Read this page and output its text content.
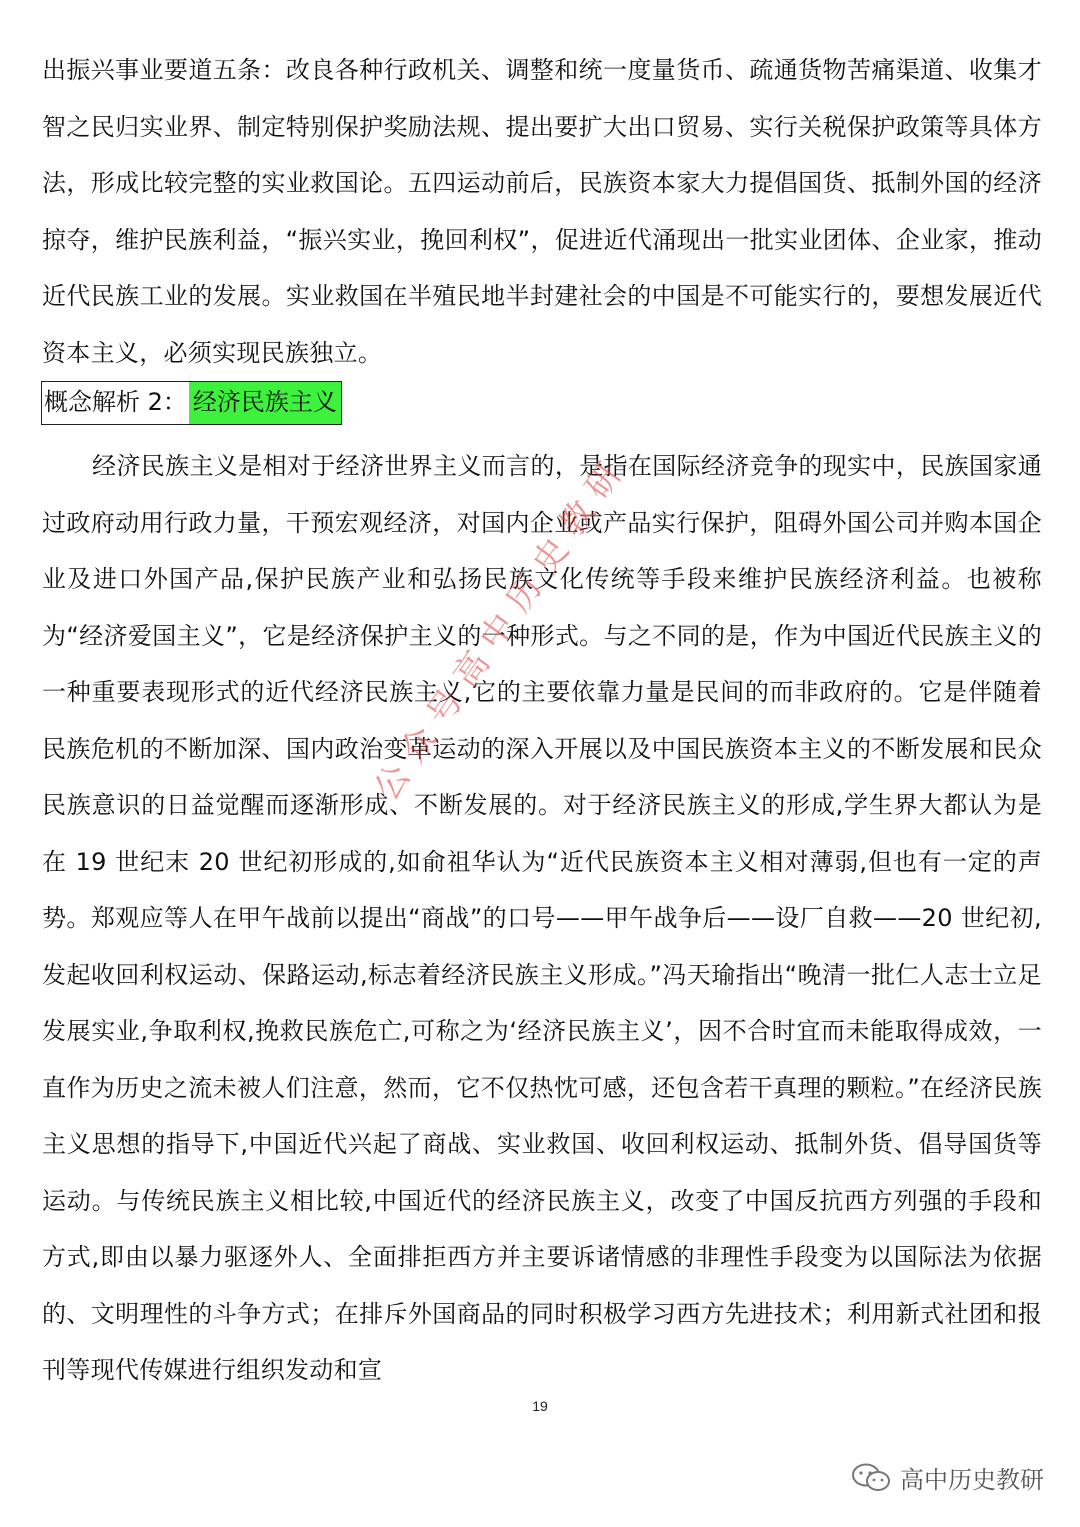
出振兴事业要道五条：改良各种行政机关、调整和统一度量货币、疏通货物苦痛渠道、收集才智之民归实业界、制定特别保护奖励法规、提出要扩大出口贸易、实行关税保护政策等具体方法，形成比较完整的实业救国论。五四运动前后，民族资本家大力提倡国货、抵制外国的经济掠夺，维护民族利益，“振兴实业，挽回利权”，促进近代涌现出一批实业团体、企业家，推动近代民族工业的发展。实业救国在半殖民地半封建社会的中国是不可能实行的，要想发展近代资本主义，必须实现民族独立。

概念解析 2： 经济民族主义

经济民族主义是相对于经济世界主义而言的，是指在国际经济竞争的现实中，民族国家通过政府动用行政力量，干预宏观经济，对国内企业或产品实行保护，阻碍外国公司并购本国企业及进口外国产品,保护民族产业和弘扬民族文化传统等手段来维护民族经济利益。也被称为“经济爱国主义”，它是经济保护主义的一种形式。与之不同的是，作为中国近代民族主义的一种重要表现形式的近代经济民族主义,它的主要依靠力量是民间的而非政府的。它是伴随着民族危机的不断加深、国内政治变革运动的深入开展以及中国民族资本主义的不断发展和民众民族意识的日益觉醒而逐渐形成、不断发展的。对于经济民族主义的形成,学生界大都认为是在 19 世纪末 20 世纪初形成的,如俞祖华认为“近代民族资本主义相对薄弱,但也有一定的声势。郑观应等人在甲午战前以提出“商战”的口号——甲午战争后——设厂自救——20 世纪初,发起收回利权运动、保路运动,标志着经济民族主义形成。”冯天瑜指出“晚清一批仁人志士立足发展实业,争取利权,挽救民族危亡,可称之为‘经济民族主义’，因不合时宜而未能取得成效，一直作为历史之流未被人们注意，然而，它不仅热忱可感，还包含若干真理的颗粒。”在经济民族主义思想的指导下,中国近代兴起了商战、实业救国、收回利权运动、抵制外货、倡导国货等运动。与传统民族主义相比较,中国近代的经济民族主义，改变了中国反抗西方列强的手段和方式,即由以暴力驱逐外人、全面排拒西方并主要诉诸情感的非理性手段变为以国际法为依据的、文明理性的斗争方式；在排斥外国商品的同时积极学习西方先进技术；利用新式社团和报刊等现代传媒进行组织发动和宣

公众号高中历史教研
19
高中历史教研
